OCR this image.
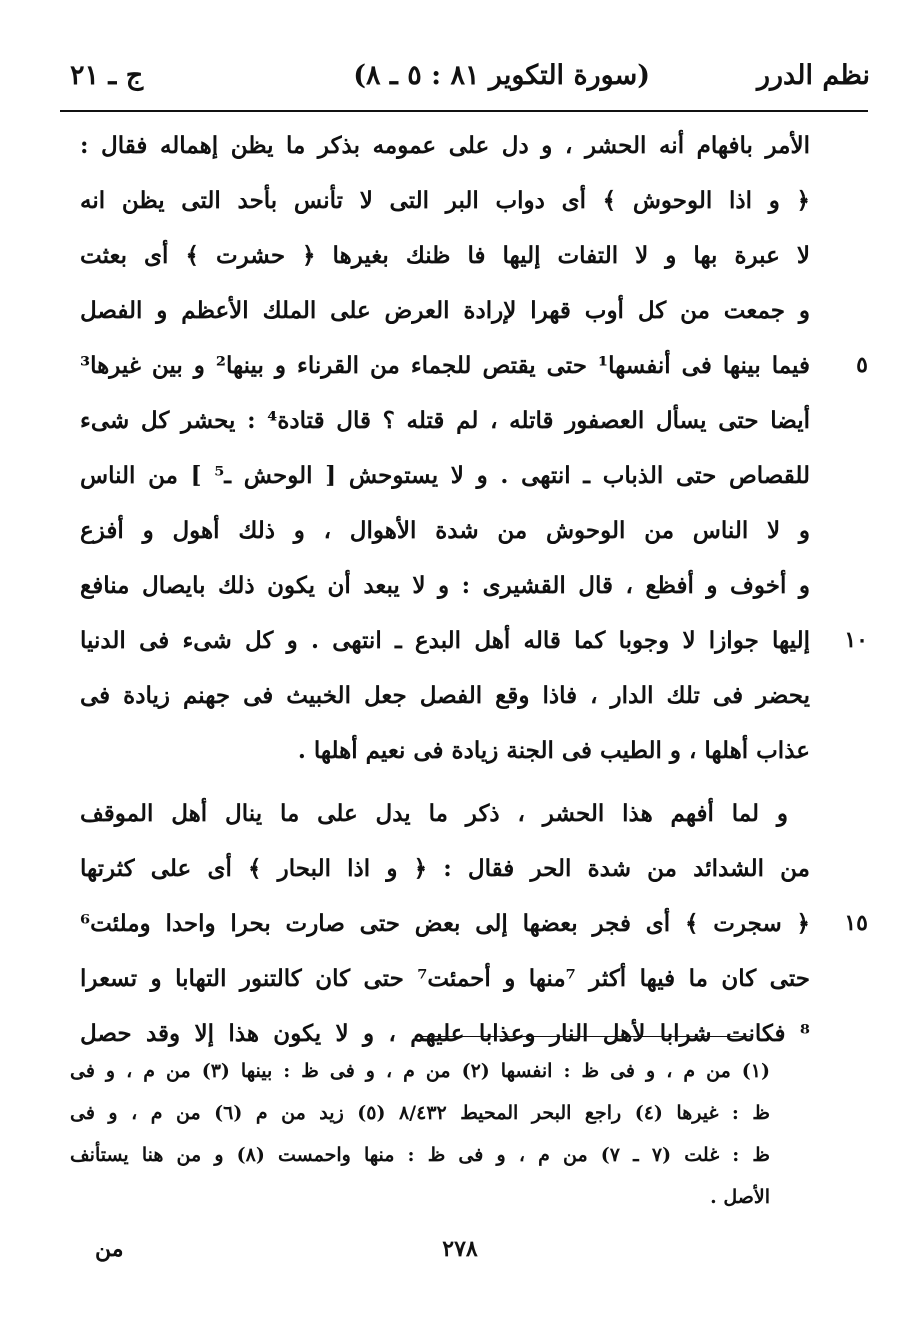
نظم الدرر
(سورة التكوير ٨١ : ٥ ـ ٨)
ج ـ ٢١
الأمر بافهام أنه الحشر ، و دل على عمومه بذكر ما يظن إهماله فقال :
﴿ و اذا الوحوش ﴾ أى دواب البر التى لا تأنس بأحد التى يظن انه
لا عبرة بها و لا التفات إليها فا ظنك بغيرها ﴿ حشرت ﴾ أى بعثت
و جمعت من كل أوب قهرا لإرادة العرض على الملك الأعظم و الفصل
٥
فيما بينها فى أنفسها¹ حتى يقتص للجماء من القرناء و بينها² و بين غيرها³
أيضا حتى يسأل العصفور قاتله ، لم قتله ؟ قال قتادة⁴ : يحشر كل شىء
للقصاص حتى الذباب ـ انتهى . و لا يستوحش [ الوحش ـ⁵ ] من الناس
و لا الناس من الوحوش من شدة الأهوال ، و ذلك أهول و أفزع
و أخوف و أفظع ، قال القشيرى : و لا يبعد أن يكون ذلك بايصال منافع
١٠
إليها جوازا لا وجوبا كما قاله أهل البدع ـ انتهى . و كل شىء فى الدنيا
يحضر فى تلك الدار ، فاذا وقع الفصل جعل الخبيث فى جهنم زيادة فى
عذاب أهلها ، و الطيب فى الجنة زيادة فى نعيم أهلها .
و لما أفهم هذا الحشر ، ذكر ما يدل على ما ينال أهل الموقف
من الشدائد من شدة الحر فقال : ﴿ و اذا البحار ﴾ أى على كثرتها
١٥
﴿ سجرت ﴾ أى فجر بعضها إلى بعض حتى صارت بحرا واحدا وملئت⁶
حتى كان ما فيها أكثر ⁷منها و أحمئت⁷ حتى كان كالتنور التهابا و تسعرا
⁸ فكانت شرابا لأهل النار وعذابا عليهم ، و لا يكون هذا إلا وقد حصل
(١) من م ، و فى ظ : انفسها (٢) من م ، و فى ظ : بينها (٣) من م ، و فى
ظ : غيرها (٤) راجع البحر المحيط ٨/٤٣٢ (٥) زيد من م (٦) من م ، و فى
ظ : غلت (٧ ـ ٧) من م ، و فى ظ : منها واحمست (٨) و من هنا يستأنف
الأصل .
٢٧٨
من
